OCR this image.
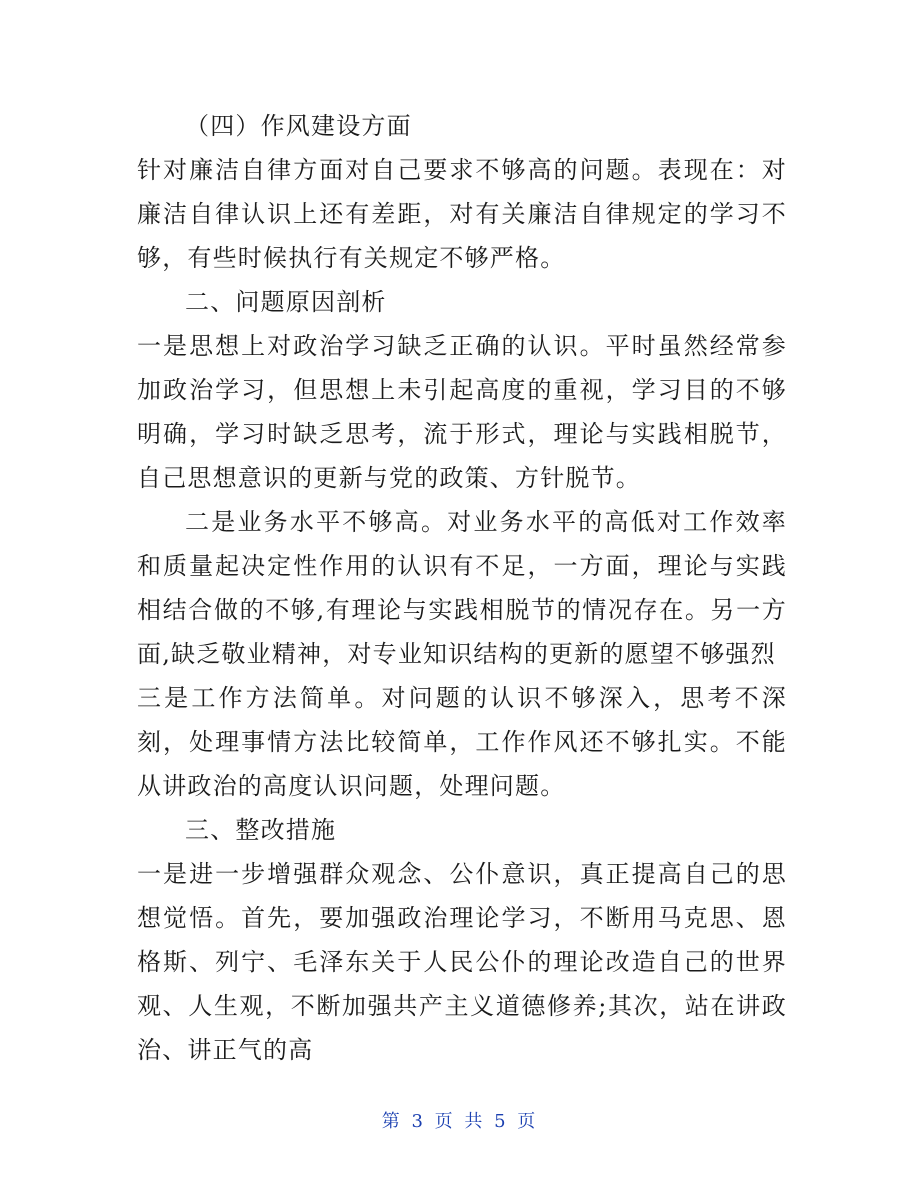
（四）作风建设方面

针对廉洁自律方面对自己要求不够高的问题。表现在：对廉洁自律认识上还有差距，对有关廉洁自律规定的学习不够，有些时候执行有关规定不够严格。

二、问题原因剖析

一是思想上对政治学习缺乏正确的认识。平时虽然经常参加政治学习，但思想上未引起高度的重视，学习目的不够明确，学习时缺乏思考，流于形式，理论与实践相脱节，自己思想意识的更新与党的政策、方针脱节。

二是业务水平不够高。对业务水平的高低对工作效率和质量起决定性作用的认识有不足，一方面，理论与实践相结合做的不够,有理论与实践相脱节的情况存在。另一方面,缺乏敬业精神，对专业知识结构的更新的愿望不够强烈

三是工作方法简单。对问题的认识不够深入，思考不深刻，处理事情方法比较简单，工作作风还不够扎实。不能从讲政治的高度认识问题，处理问题。

三、整改措施

一是进一步增强群众观念、公仆意识，真正提高自己的思想觉悟。首先，要加强政治理论学习，不断用马克思、恩格斯、列宁、毛泽东关于人民公仆的理论改造自己的世界观、人生观，不断加强共产主义道德修养;其次，站在讲政治、讲正气的高

第 3 页 共 5 页
